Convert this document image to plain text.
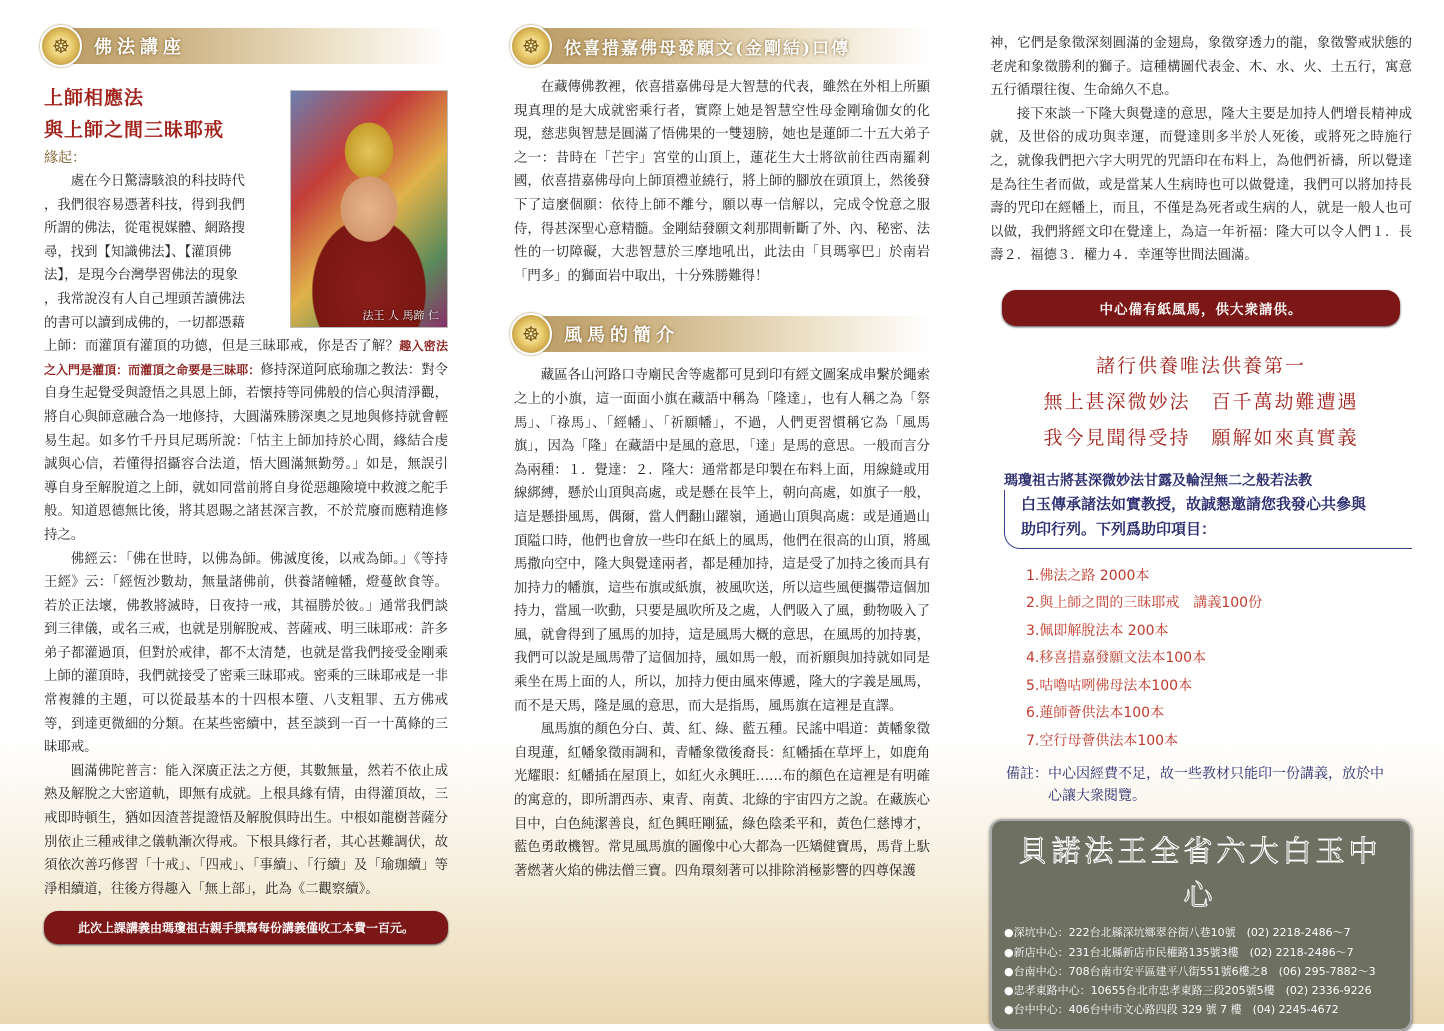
☸	佛法講座
法王 人 馬蹄 仁
上師相應法
與上師之間三昧耶戒
緣起：
處在今日驚濤駭浪的科技時代
，我們很容易憑著科技，得到我們
所謂的佛法，從電視媒體、網路搜
尋，找到【知識佛法】、【灌頂佛
法】，是現今台灣學習佛法的現象
，我常說沒有人自己埋頭苦讀佛法
的書可以讀到成佛的，一切都憑藉

上師：而灌頂有灌頂的功德，但是三昧耶戒，你是否了解？趣入密法之入門是灌頂：而灌頂之命要是三昧耶：修持深道阿底瑜珈之教法：對令自身生起覺受與證悟之具恩上師，若懷持等同佛般的信心與清淨觀，將自心與師意融合為一地修持，大圓滿殊勝深奧之見地與修持就會輕易生起。如多竹千丹貝尼瑪所說：「怙主上師加持於心間，緣結合虔誠與心信，若懂得招攝容合法道，悟大圓滿無勤勞。」如是，無誤引導自身至解脫道之上師，就如同當前將自身從惡趣險境中救渡之舵手般。知道恩德無比後，將其恩賜之諸甚深言教，不於荒廢而應精進修持之。

佛經云：「佛在世時，以佛為師。佛滅度後，以戒為師。」《等持王經》云：「經恆沙數劫，無量諸佛前，供養諸幢幡，燈蔓飲食等。若於正法壞，佛教將滅時，日夜持一戒，其福勝於彼。」通常我們談到三律儀，或名三戒，也就是別解脫戒、菩薩戒、明三昧耶戒：許多弟子都灌過頂，但對於戒律，都不太清楚，也就是當我們接受金剛乘上師的灌頂時，我們就接受了密乘三昧耶戒。密乘的三昧耶戒是一非常複雜的主題，可以從最基本的十四根本墮、八支粗罪、五方佛戒等，到達更微細的分類。在某些密續中，甚至談到一百一十萬條的三昧耶戒。

圓滿佛陀普言：能入深廣正法之方便，其數無量，然若不依止成熟及解脫之大密道軌，即無有成就。上根具緣有情，由得灌頂故，三戒即時頓生，猶如因渣菩提證悟及解脫俱時出生。中根如龍樹菩薩分別依止三種戒律之儀軌漸次得戒。下根具緣行者，其心甚難調伏，故須依次善巧修習「十戒」、「四戒」、「事續」、「行續」及「瑜珈續」等淨相續道，往後方得趣入「無上部」，此為《二觀察續》。

此次上課講義由瑪瓊祖古親手撰寫每份講義僅收工本費一百元。
☸	依喜措嘉佛母發願文(金剛結)口傳

在藏傳佛教裡，依喜措嘉佛母是大智慧的代表，雖然在外相上所顯現真理的是大成就密乘行者，實際上她是智慧空性母金剛瑜伽女的化現，慈悲與智慧是圓滿了悟佛果的一雙翅膀，她也是蓮師二十五大弟子之一：昔時在「芒宇」宮堂的山頂上，蓮花生大士將欲前往西南羅剎國，依喜措嘉佛母向上師頂禮並繞行，將上師的腳放在頭頂上，然後發下了這麼個願：依待上師不離兮，願以專一信解以，完成令悅意之服侍，得甚深聖心意精髓。金剛結發願文剎那間斬斷了外、內、秘密、法性的一切障礙，大悲智慧於三摩地吼出，此法由「貝瑪寧巴」於南岩「門多」的獅面岩中取出，十分殊勝難得！

☸	風馬的簡介

藏區各山河路口寺廟民舍等處都可見到印有經文圖案成串繫於繩索之上的小旗，這一面面小旗在藏語中稱為「隆達」，也有人稱之為「祭馬」、「祿馬」、「經幡」、「祈願幡」，不過，人們更習慣稱它為「風馬旗」，因為「隆」在藏語中是風的意思，「達」是馬的意思。一般而言分為兩種：１．覺達：２．隆大：通常都是印製在布料上面，用線縫或用線綁縛，懸於山頂與高處，或是懸在長竿上，朝向高處，如旗子一般，這是懸掛風馬，偶爾，當人們翻山躍嶺，通過山頂與高處：或是通過山頂隘口時，他們也會放一些印在紙上的風馬，他們在很高的山頂，將風馬撒向空中，隆大與覺達兩者，都是種加持，這是受了加持之後而具有加持力的幡旗，這些布旗或紙旗，被風吹送，所以這些風便攜帶這個加持力，當風一吹動，只要是風吹所及之處，人們吸入了風，動物吸入了風，就會得到了風馬的加持，這是風馬大概的意思，在風馬的加持裏，我們可以說是風馬帶了這個加持，風如馬一般，而祈願與加持就如同是乘坐在馬上面的人，所以，加持力便由風來傳遞，隆大的字義是風馬，而不是天馬，隆是風的意思，而大是指馬，風馬旗在這裡是直譯。

風馬旗的顏色分白、黃、紅、綠、藍五種。民謠中唱道：黃幡象徵自現蓮，紅幡象徵雨調和，青幡象徵後裔長：紅幡插在草坪上，如鹿角光耀眼：紅幡插在屋頂上，如紅火永興旺……布的顏色在這裡是有明確的寓意的，即所謂西赤、東青、南黃、北綠的宇宙四方之說。在藏族心目中，白色純潔善良，紅色興旺剛猛，綠色陰柔平和，黃色仁慈博才，藍色勇敢機智。常見風馬旗的圖像中心大都為一匹矯健寶馬，馬背上馱著燃著火焰的佛法僧三寶。四角環刻著可以排除消極影響的四尊保護

神，它們是象徵深刻圓滿的金翅鳥，象徵穿透力的龍，象徵警戒狀態的老虎和象徵勝利的獅子。這種構圖代表金、木、水、火、土五行，寓意五行循環往復、生命綿久不息。

接下來談一下隆大與覺達的意思，隆大主要是加持人們增長精神成就，及世俗的成功與幸運，而覺達則多半於人死後，或將死之時施行之，就像我們把六字大明咒的咒語印在布料上，為他們祈禱，所以覺達是為往生者而做，或是當某人生病時也可以做覺達，我們可以將加持長壽的咒印在經幡上，而且，不僅是為死者或生病的人，就是一般人也可以做，我們將經文印在覺達上，為這一年祈福：隆大可以令人們１．長壽２．福德３．權力４．幸運等世間法圓滿。

中心備有紙風馬，供大衆請供。
諸行供養唯法供養第一
無上甚深微妙法　百千萬劫難遭遇
我今見聞得受持　願解如來真實義
瑪瓊祖古將甚深微妙法甘露及輪涅無二之般若法教
白玉傳承諸法如實教授，故誠懇邀請您我發心共參與
助印行列。下列爲助印項目：
1.佛法之路 2000本
2.與上師之間的三昧耶戒　講義100份
3.佩即解脫法本 200本
4.移喜措嘉發願文法本100本
5.咕嚕咕咧佛母法本100本
6.蓮師薈供法本100本
7.空行母薈供法本100本
備註：中心因經費不足，故一些教材只能印一份講義，放於中
心讓大衆閱覽。
貝諾法王全省六大白玉中心
●深坑中心：222台北縣深坑鄉翠谷街八巷10號　(02) 2218-2486～7
●新店中心：231台北縣新店市民權路135號3樓　(02) 2218-2486～7
●台南中心：708台南市安平區建平八街551號6樓之8　(06) 295-7882～3
●忠孝東路中心：10655台北市忠孝東路三段205號5樓　(02) 2336-9226
●台中中心：406台中市文心路四段 329 號 7 樓　(04) 2245-4672
